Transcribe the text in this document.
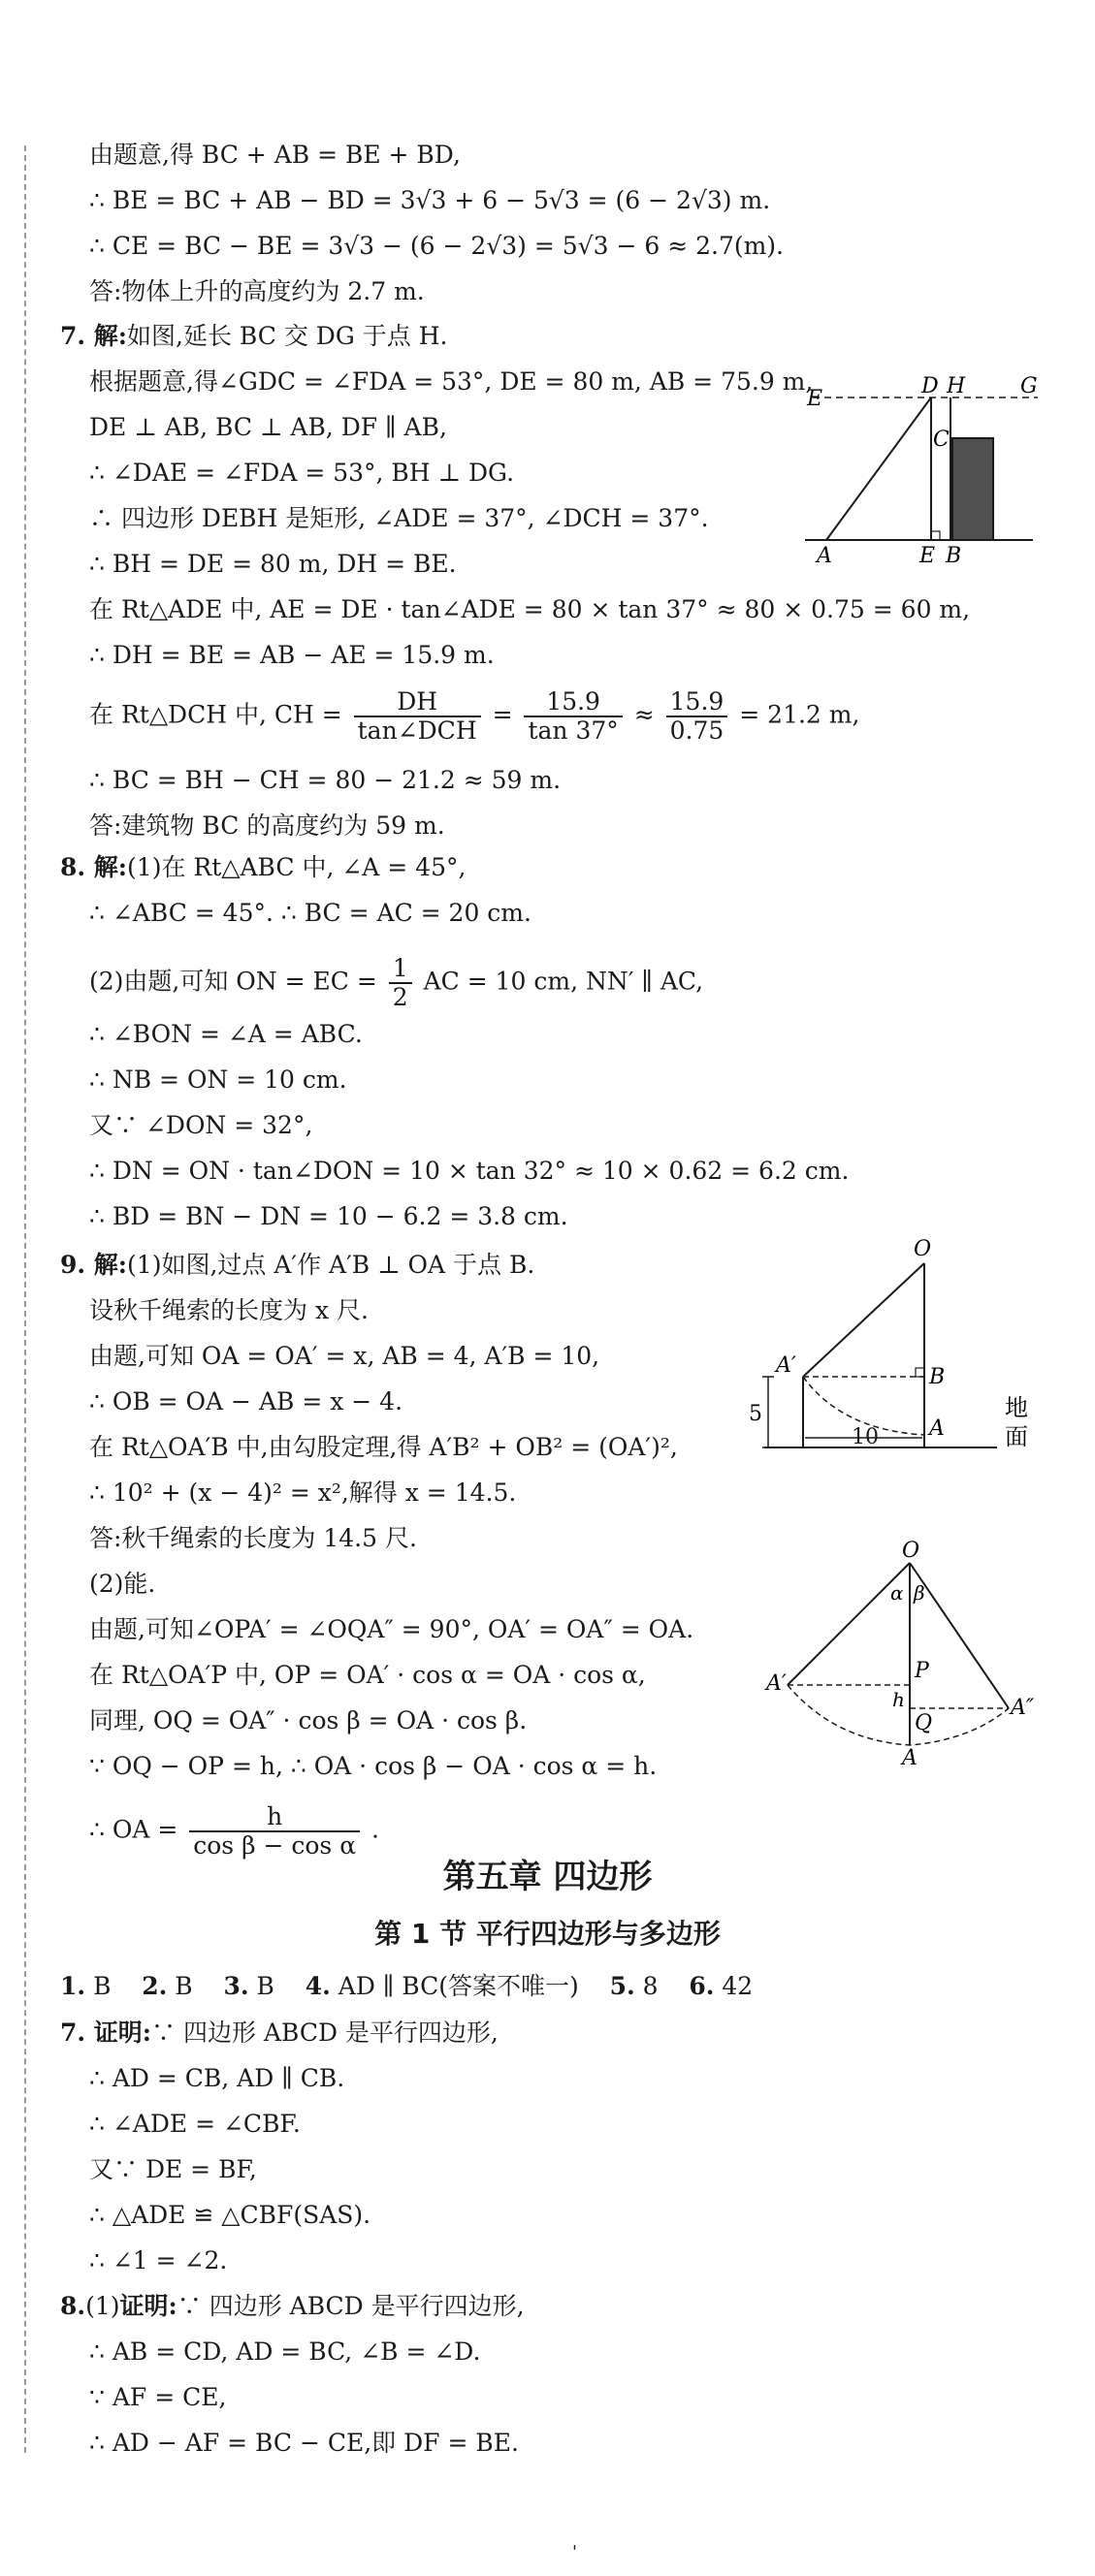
由题意,得 BC + AB = BE + BD,
∴ BE = BC + AB − BD = 3√3 + 6 − 5√3 = (6 − 2√3) m.
∴ CE = BC − BE = 3√3 − (6 − 2√3) = 5√3 − 6 ≈ 2.7(m).
答:物体上升的高度约为 2.7 m.
7. 解:如图,延长 BC 交 DG 于点 H.
根据题意,得∠GDC = ∠FDA = 53°, DE = 80 m, AB = 75.9 m,
DE ⊥ AB, BC ⊥ AB, DF ∥ AB,
∴ ∠DAE = ∠FDA = 53°, BH ⊥ DG.
∴ 四边形 DEBH 是矩形, ∠ADE = 37°, ∠DCH = 37°.
∴ BH = DE = 80 m, DH = BE.
在 Rt△ADE 中, AE = DE · tan∠ADE = 80 × tan 37° ≈ 80 × 0.75 = 60 m,
∴ DH = BE = AB − AE = 15.9 m.
在 Rt△DCH 中, CH = $\frac{DH}{\text{tan∠DCH}} = \frac{15.9}{\tan 37^\circ} \approx \frac{15.9}{0.75} = 21.2$ m,
∴ BC = BH − CH = 80 − 21.2 ≈ 59 m.
答:建筑物 BC 的高度约为 59 m.
E
D H	G
C
A	E B
8. 解:(1)在 Rt△ABC 中, ∠A = 45°,
∴ ∠ABC = 45°. ∴ BC = AC = 20 cm.
(2)由题,可知 ON = EC = $\frac{1}{2}$ AC = 10 cm, NN′ ∥ AC,
∴ ∠BON = ∠A = ABC.
∴ NB = ON = 10 cm.
又∵ ∠DON = 32°,
∴ DN = ON · tan∠DON = 10 × tan 32° ≈ 10 × 0.62 = 6.2 cm.
∴ BD = BN − DN = 10 − 6.2 = 3.8 cm.
9. 解:(1)如图,过点 A′作 A′B ⊥ OA 于点 B.
设秋千绳索的长度为 x 尺.
由题,可知 OA = OA′ = x, AB = 4, A′B = 10,
∴ OB = OA − AB = x − 4.
在 Rt△OA′B 中,由勾股定理,得 A′B² + OB² = (OA′)²,
∴ 10² + (x − 4)² = x²,解得 x = 14.5.
答:秋千绳索的长度为 14.5 尺.
(2)能.
由题,可知∠OPA′ = ∠OQA″ = 90°, OA′ = OA″ = OA.
在 Rt△OA′P 中, OP = OA′ · cos α = OA · cos α,
同理, OQ = OA″ · cos β = OA · cos β.
∵ OQ − OP = h, ∴ OA · cos β − OA · cos α = h.
∴ OA = $\frac{h}{\text{cos β − cos α}}$ .
O
A′	B
A
5
10
地
面
O
α β
P
h
Q
A′
A″
A
第五章 四边形
第 1 节 平行四边形与多边形
1. B 2. B 3. B 4. AD ∥ BC(答案不唯一) 5. 8 6. 42
7. 证明:∵ 四边形 ABCD 是平行四边形,
∴ AD = CB, AD ∥ CB.
∴ ∠ADE = ∠CBF.
又∵ DE = BF,
∴ △ADE ≌ △CBF(SAS).
∴ ∠1 = ∠2.
8.(1)证明:∵ 四边形 ABCD 是平行四边形,
∴ AB = CD, AD = BC, ∠B = ∠D.
∵ AF = CE,
∴ AD − AF = BC − CE,即 DF = BE.
'
